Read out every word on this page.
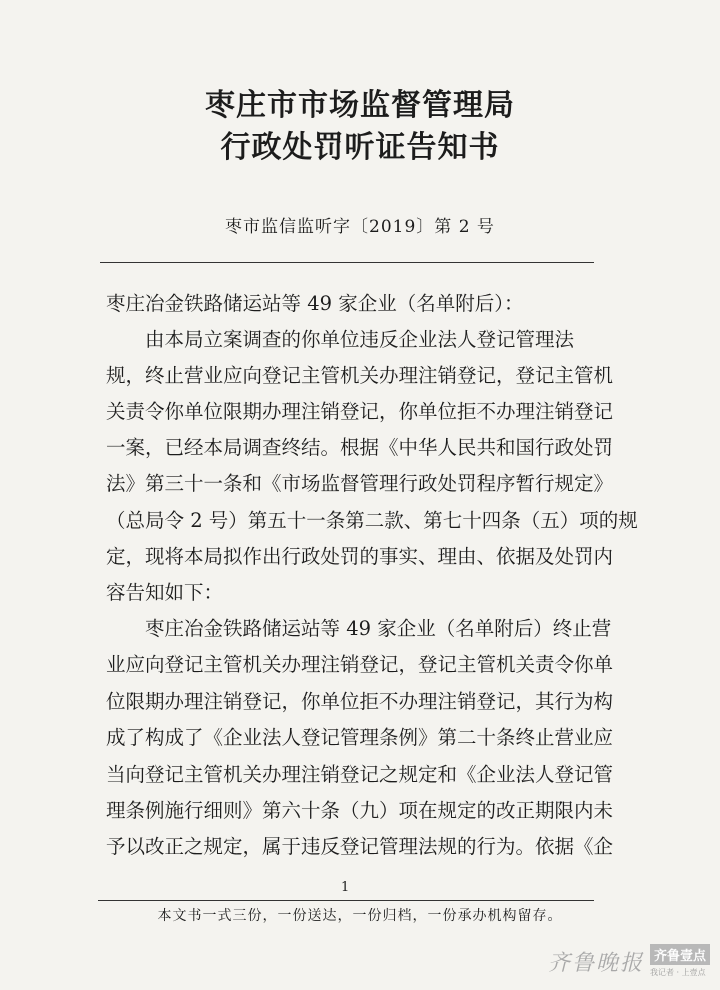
枣庄市市场监督管理局
行政处罚听证告知书
枣市监信监听字〔2019〕第 2 号
枣庄冶金铁路储运站等 49 家企业（名单附后）：
　　由本局立案调查的你单位违反企业法人登记管理法
规，终止营业应向登记主管机关办理注销登记，登记主管机
关责令你单位限期办理注销登记，你单位拒不办理注销登记
一案，已经本局调查终结。根据《中华人民共和国行政处罚
法》第三十一条和《市场监督管理行政处罚程序暂行规定》
（总局令 2 号）第五十一条第二款、第七十四条（五）项的规
定，现将本局拟作出行政处罚的事实、理由、依据及处罚内
容告知如下：
　　枣庄冶金铁路储运站等 49 家企业（名单附后）终止营
业应向登记主管机关办理注销登记，登记主管机关责令你单
位限期办理注销登记，你单位拒不办理注销登记，其行为构
成了构成了《企业法人登记管理条例》第二十条终止营业应
当向登记主管机关办理注销登记之规定和《企业法人登记管
理条例施行细则》第六十条（九）项在规定的改正期限内未
予以改正之规定，属于违反登记管理法规的行为。依据《企
1
本文书一式三份，一份送达，一份归档，一份承办机构留存。
齐鲁晚报 齐鲁壹点
我记者 · 上壹点
